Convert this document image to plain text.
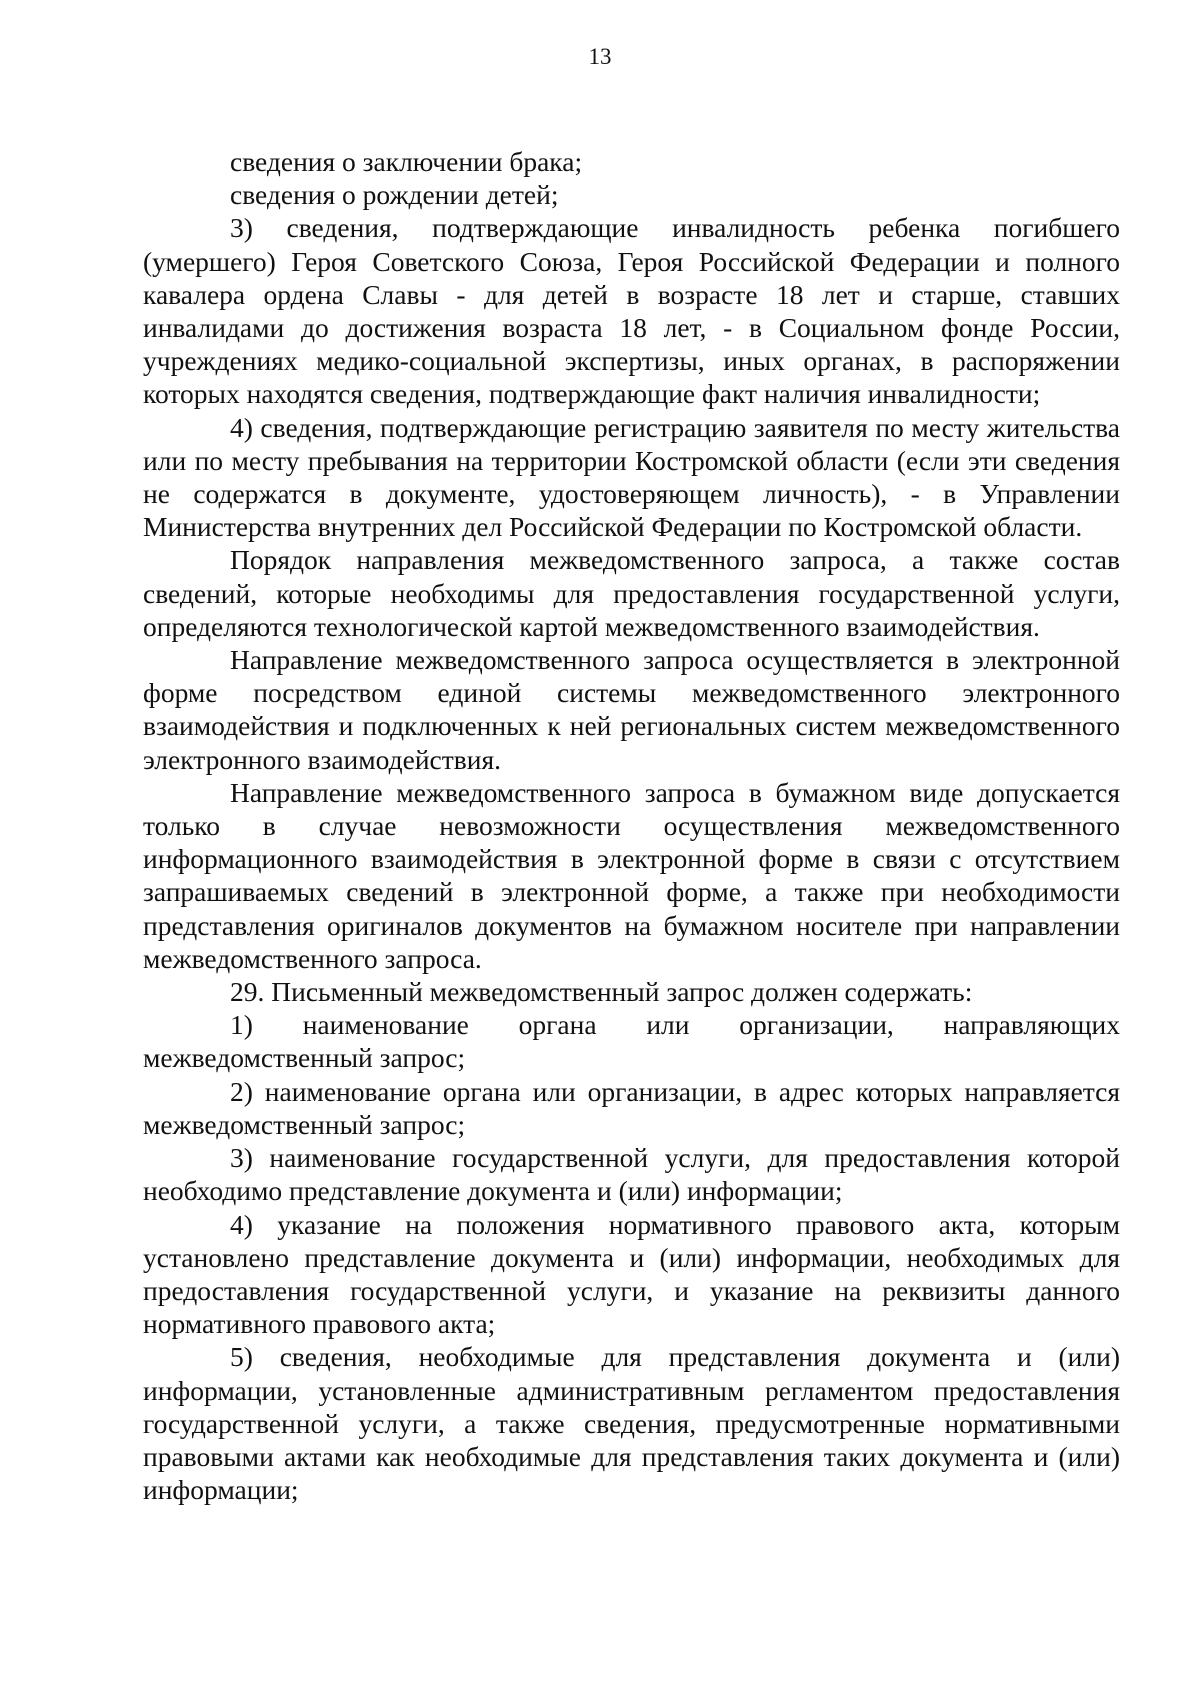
13

сведения о заключении брака;

сведения о рождении детей;

3) сведения, подтверждающие инвалидность ребенка погибшего (умершего) Героя Советского Союза, Героя Российской Федерации и полного кавалера ордена Славы - для детей в возрасте 18 лет и старше, ставших инвалидами до достижения возраста 18 лет, - в Социальном фонде России, учреждениях медико-социальной экспертизы, иных органах, в распоряжении которых находятся сведения, подтверждающие факт наличия инвалидности;

4) сведения, подтверждающие регистрацию заявителя по месту жительства или по месту пребывания на территории Костромской области (если эти сведения не содержатся в документе, удостоверяющем личность), - в Управлении Министерства внутренних дел Российской Федерации по Костромской области.

Порядок направления межведомственного запроса, а также состав сведений, которые необходимы для предоставления государственной услуги, определяются технологической картой межведомственного взаимодействия.

Направление межведомственного запроса осуществляется в электронной форме посредством единой системы межведомственного электронного взаимодействия и подключенных к ней региональных систем межведомственного электронного взаимодействия.

Направление межведомственного запроса в бумажном виде допускается только в случае невозможности осуществления межведомственного информационного взаимодействия в электронной форме в связи с отсутствием запрашиваемых сведений в электронной форме, а также при необходимости представления оригиналов документов на бумажном носителе при направлении межведомственного запроса.

29. Письменный межведомственный запрос должен содержать:

1) наименование органа или организации, направляющих межведомственный запрос;

2) наименование органа или организации, в адрес которых направляется межведомственный запрос;

3) наименование государственной услуги, для предоставления которой необходимо представление документа и (или) информации;

4) указание на положения нормативного правового акта, которым установлено представление документа и (или) информации, необходимых для предоставления государственной услуги, и указание на реквизиты данного нормативного правового акта;

5) сведения, необходимые для представления документа и (или) информации, установленные административным регламентом предоставления государственной услуги, а также сведения, предусмотренные нормативными правовыми актами как необходимые для представления таких документа и (или) информации;
